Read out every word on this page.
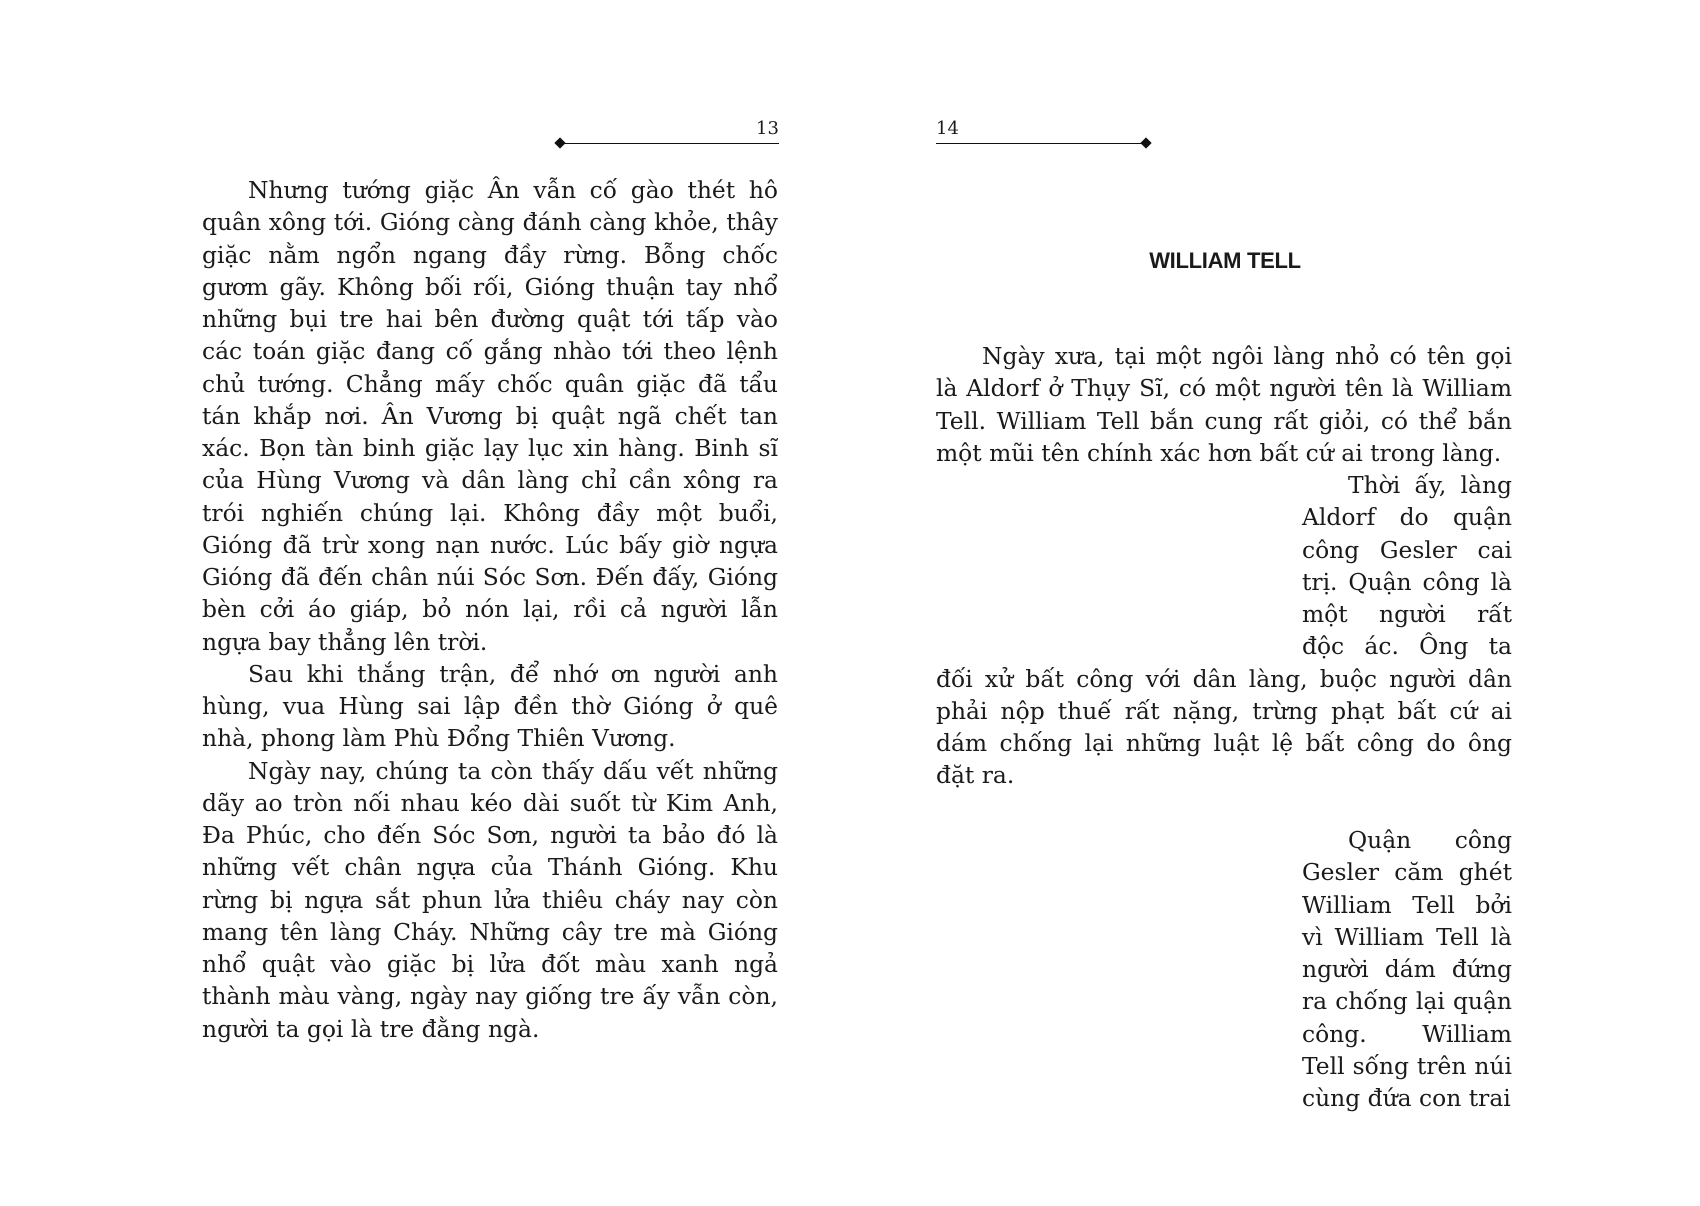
13

Nhưng tướng giặc Ân vẫn cố gào thét hô quân xông tới. Gióng càng đánh càng khỏe, thây giặc nằm ngổn ngang đầy rừng. Bỗng chốc gươm gãy. Không bối rối, Gióng thuận tay nhổ những bụi tre hai bên đường quật tới tấp vào các toán giặc đang cố gắng nhào tới theo lệnh chủ tướng. Chẳng mấy chốc quân giặc đã tẩu tán khắp nơi. Ân Vương bị quật ngã chết tan xác. Bọn tàn binh giặc lạy lục xin hàng. Binh sĩ của Hùng Vương và dân làng chỉ cần xông ra trói nghiến chúng lại. Không đầy một buổi, Gióng đã trừ xong nạn nước. Lúc bấy giờ ngựa Gióng đã đến chân núi Sóc Sơn. Đến đấy, Gióng bèn cởi áo giáp, bỏ nón lại, rồi cả người lẫn ngựa bay thẳng lên trời.

Sau khi thắng trận, để nhớ ơn người anh hùng, vua Hùng sai lập đền thờ Gióng ở quê nhà, phong làm Phù Đổng Thiên Vương.

Ngày nay, chúng ta còn thấy dấu vết những dãy ao tròn nối nhau kéo dài suốt từ Kim Anh, Đa Phúc, cho đến Sóc Sơn, người ta bảo đó là những vết chân ngựa của Thánh Gióng. Khu rừng bị ngựa sắt phun lửa thiêu cháy nay còn mang tên làng Cháy. Những cây tre mà Gióng nhổ quật vào giặc bị lửa đốt màu xanh ngả thành màu vàng, ngày nay giống tre ấy vẫn còn, người ta gọi là tre đằng ngà.

14
WILLIAM TELL

Ngày xưa, tại một ngôi làng nhỏ có tên gọi là Aldorf ở Thụy Sĩ, có một người tên là William Tell. William Tell bắn cung rất giỏi, có thể bắn một mũi tên chính xác hơn bất cứ ai trong làng.

Thời ấy, làng Aldorf do quận công Gesler cai trị. Quận công là một người rất độc ác. Ông ta đối xử bất công với dân làng, buộc người dân phải nộp thuế rất nặng, trừng phạt bất cứ ai dám chống lại những luật lệ bất công do ông đặt ra.

Quận công Gesler căm ghét William Tell bởi vì William Tell là người dám đứng ra chống lại quận công. William Tell sống trên núi cùng đứa con trai
